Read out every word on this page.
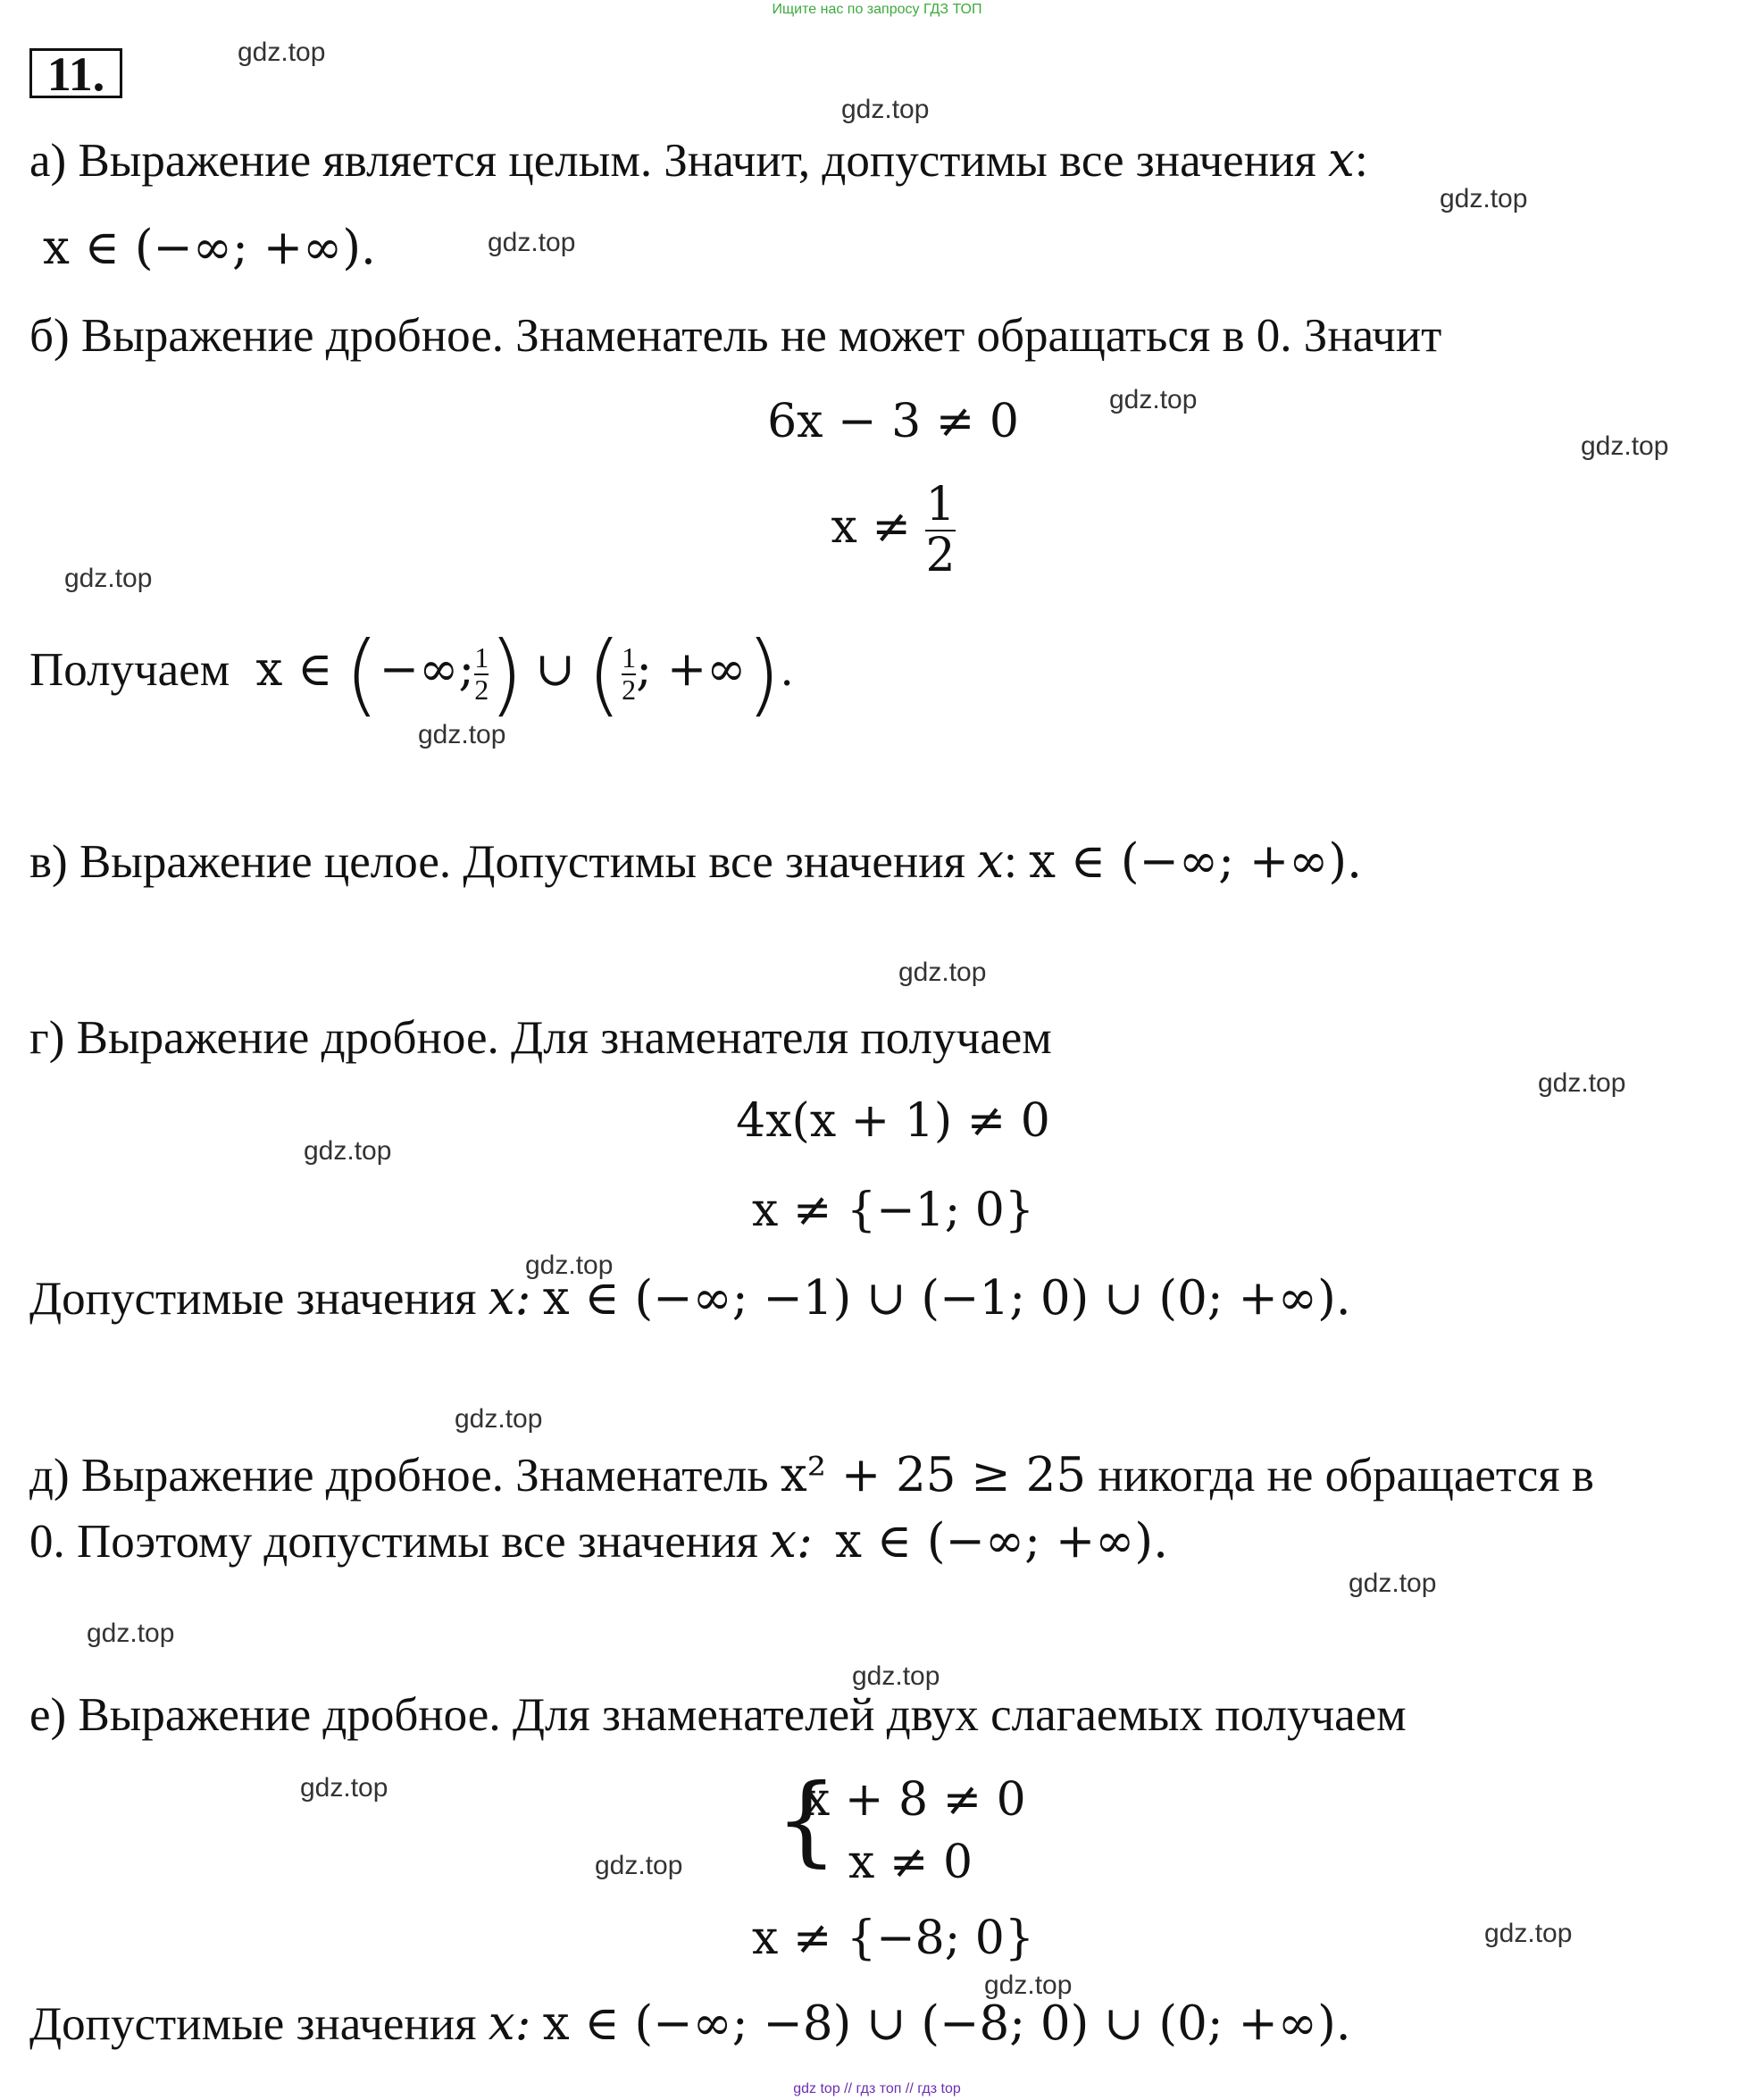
Ищите нас по запросу ГДЗ ТОП
11.	gdz.top
gdz.top
gdz.top
gdz.top
gdz.top
gdz.top
gdz.top
gdz.top
gdz.top
gdz.top
gdz.top
gdz.top
gdz.top
gdz.top
gdz.top
gdz.top
gdz.top
gdz.top
gdz.top
gdz.top
а) Выражение является целым. Значит, допустимы все значения x:
x ∈ (−∞; +∞).
б) Выражение дробное. Знаменатель не может обращаться в 0. Значит
6x − 3 ≠ 0
$x \ne \frac{1}{2}$
Получаем x ∈ (−∞; $\frac{1}{2}$ ) ∪ ( $\frac{1}{2}$ ; +∞).
в) Выражение целое. Допустимы все значения x: x ∈ (−∞; +∞).
г) Выражение дробное. Для знаменателя получаем
4x(x + 1) ≠ 0
x ≠ {−1; 0}
Допустимые значения x: x ∈ (−∞; −1) ∪ (−1; 0) ∪ (0; +∞).
д) Выражение дробное. Знаменатель x² + 25 ≥ 25 никогда не обращается в
0. Поэтому допустимы все значения x: x ∈ (−∞; +∞).
е) Выражение дробное. Для знаменателей двух слагаемых получаем
{
x + 8 ≠ 0
x ≠ 0
x ≠ {−8; 0}
Допустимые значения x: x ∈ (−∞; −8) ∪ (−8; 0) ∪ (0; +∞).
gdz top // гдз топ // гдз top
